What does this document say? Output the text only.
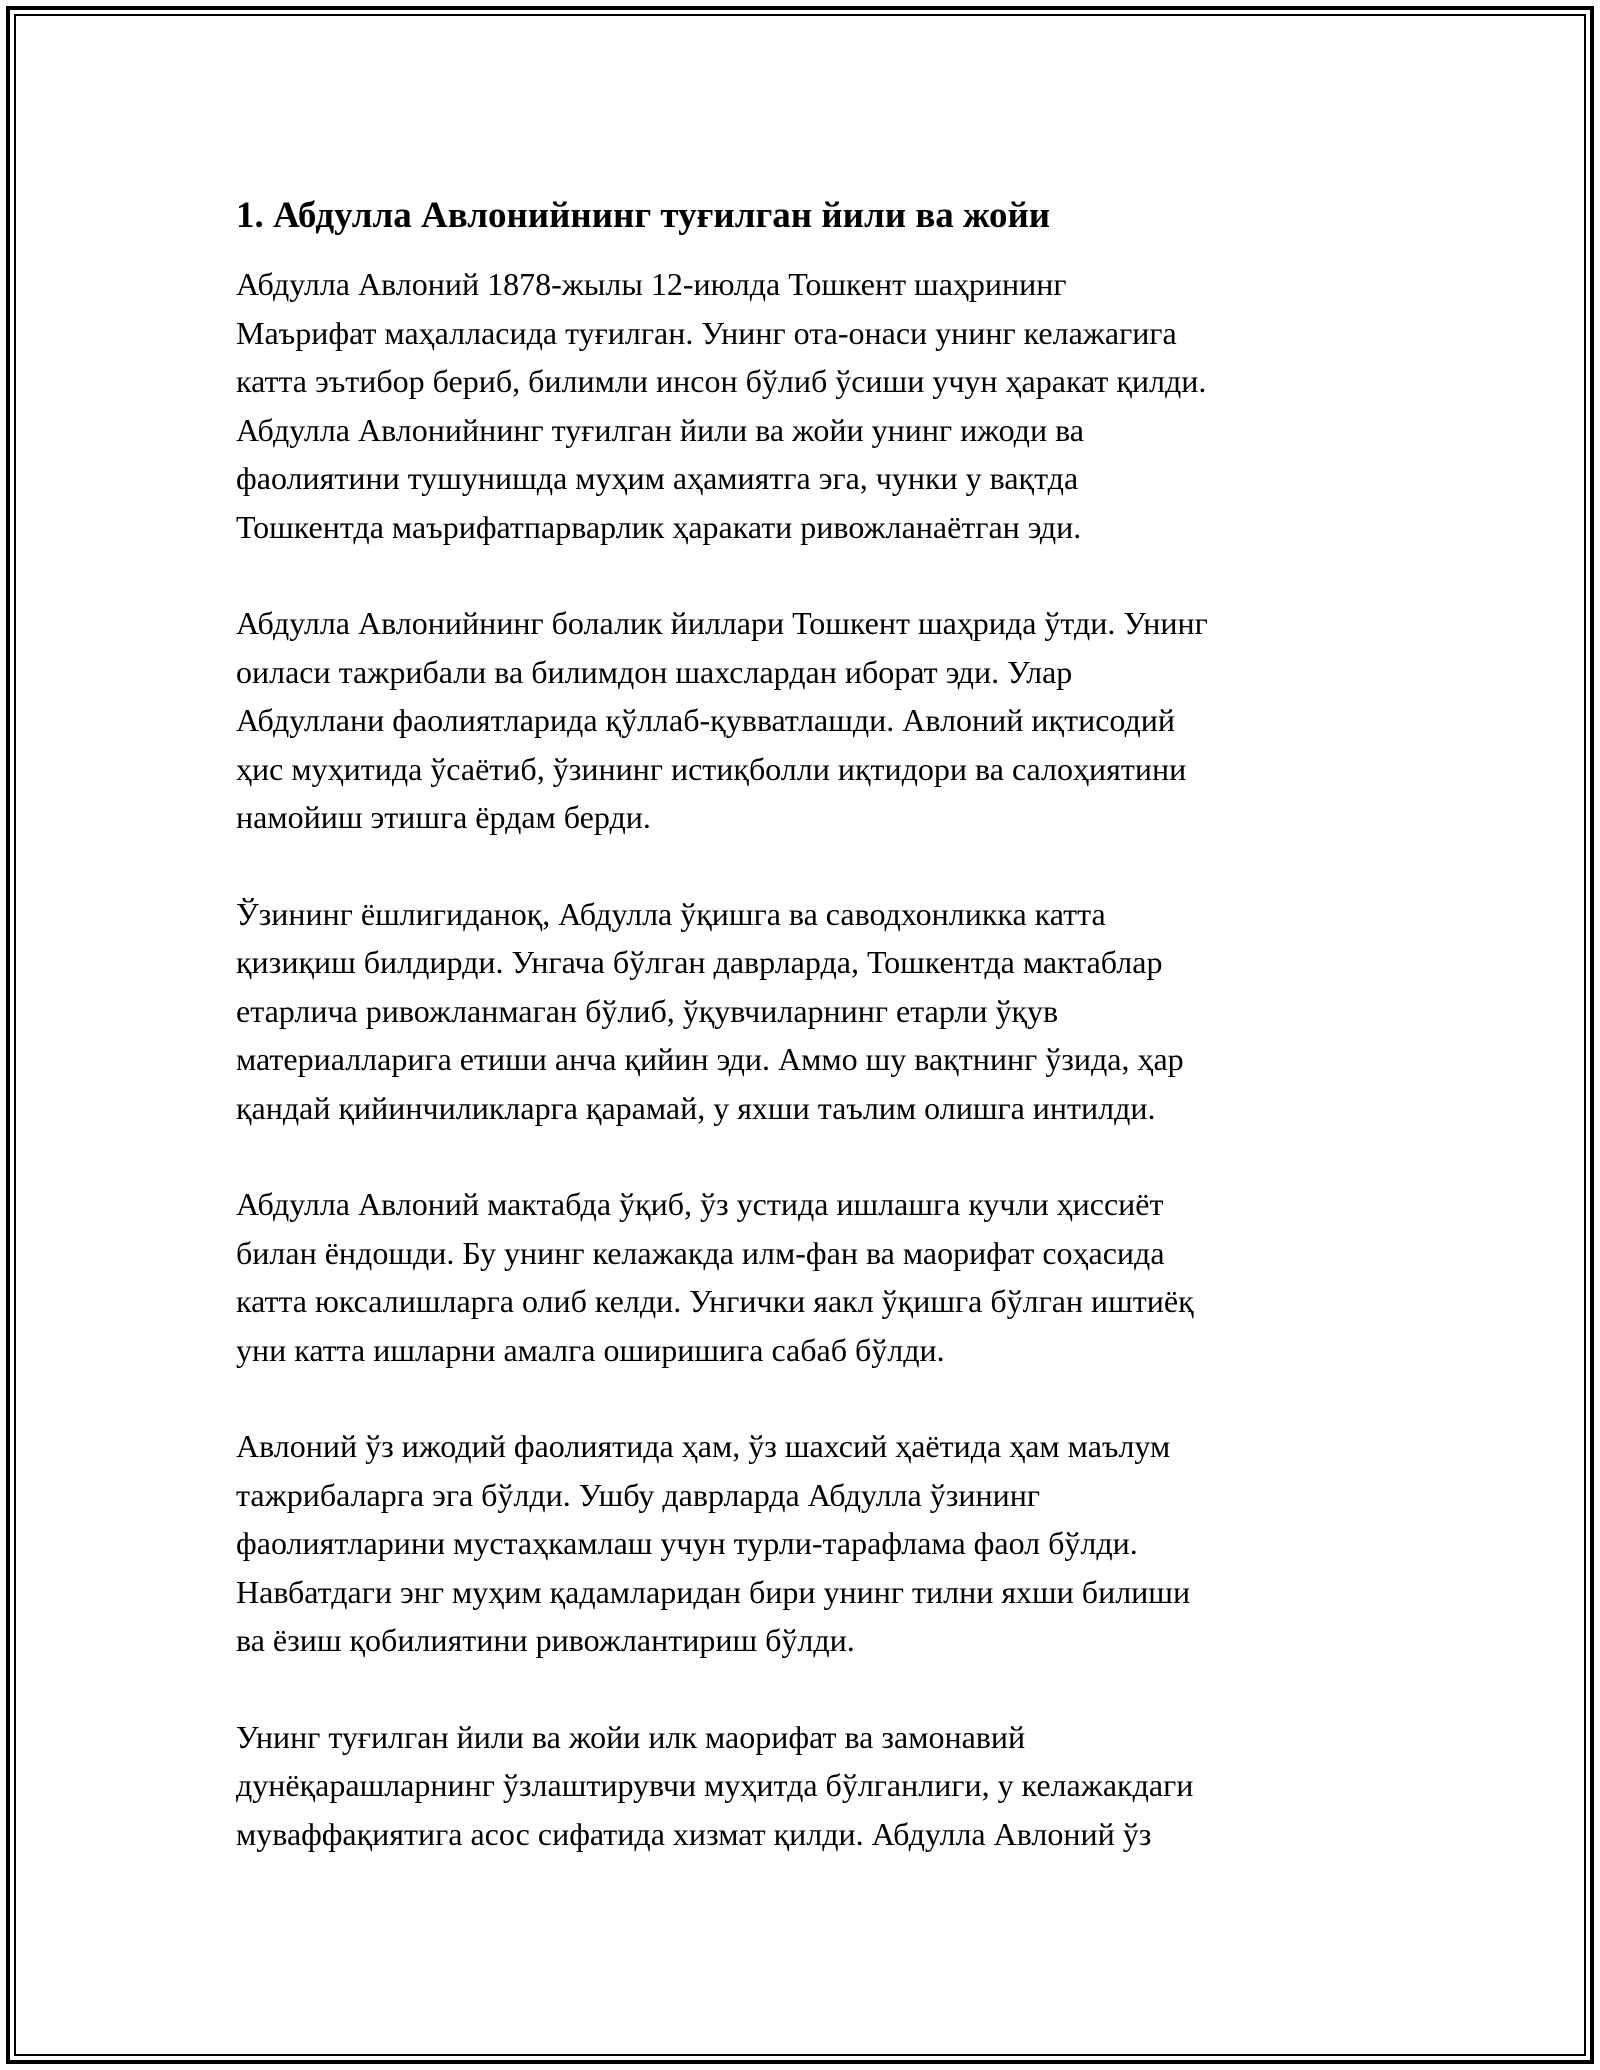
1. Абдулла Авлонийнинг туғилган йили ва жойи

Абдулла Авлоний 1878-жылы 12-июлда Тошкент шаҳрининг
Маърифат маҳалласида туғилган. Унинг ота-онаси унинг келажагига
катта эътибор бериб, билимли инсон бўлиб ўсиши учун ҳаракат қилди.
Абдулла Авлонийнинг туғилган йили ва жойи унинг ижоди ва
фаолиятини тушунишда муҳим аҳамиятга эга, чунки у вақтда
Тошкентда маърифатпарварлик ҳаракати ривожланаётган эди.

Абдулла Авлонийнинг болалик йиллари Тошкент шаҳрида ўтди. Унинг
оиласи тажрибали ва билимдон шахслардан иборат эди. Улар
Абдуллани фаолиятларида қўллаб-қувватлашди. Авлоний иқтисодий
ҳис муҳитида ўсаётиб, ўзининг истиқболли иқтидори ва салоҳиятини
намойиш этишга ёрдам берди.

Ўзининг ёшлигиданоқ, Абдулла ўқишга ва саводхонликка катта
қизиқиш билдирди. Унгача бўлган даврларда, Тошкентда мактаблар
етарлича ривожланмаган бўлиб, ўқувчиларнинг етарли ўқув
материалларига етиши анча қийин эди. Аммо шу вақтнинг ўзида, ҳар
қандай қийинчиликларга қарамай, у яхши таълим олишга интилди.

Абдулла Авлоний мактабда ўқиб, ўз устида ишлашга кучли ҳиссиёт
билан ёндошди. Бу унинг келажакда илм-фан ва маорифат соҳасида
катта юксалишларга олиб келди. Унгички яакл ўқишга бўлган иштиёқ
уни катта ишларни амалга оширишига сабаб бўлди.

Авлоний ўз ижодий фаолиятида ҳам, ўз шахсий ҳаётида ҳам маълум
тажрибаларга эга бўлди. Ушбу даврларда Абдулла ўзининг
фаолиятларини мустаҳкамлаш учун турли-тарафлама фаол бўлди.
Навбатдаги энг муҳим қадамларидан бири унинг тилни яхши билиши
ва ёзиш қобилиятини ривожлантириш бўлди.

Унинг туғилган йили ва жойи илк маорифат ва замонавий
дунёқарашларнинг ўзлаштирувчи муҳитда бўлганлиги, у келажакдаги
муваффақиятига асос сифатида хизмат қилди. Абдулла Авлоний ўз
